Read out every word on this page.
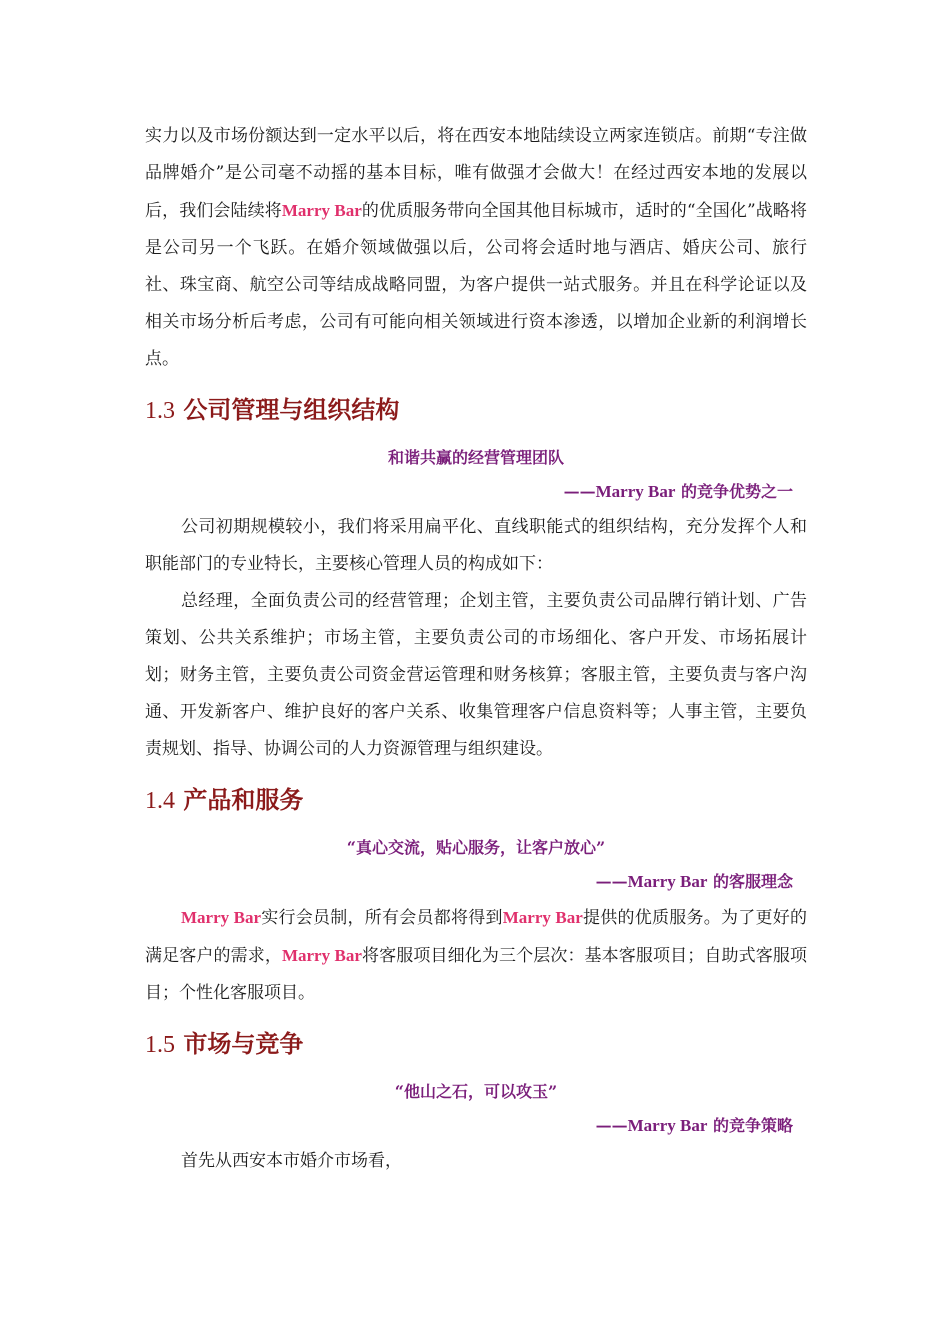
实力以及市场份额达到一定水平以后，将在西安本地陆续设立两家连锁店。前期“专注做品牌婚介”是公司毫不动摇的基本目标，唯有做强才会做大！在经过西安本地的发展以后，我们会陆续将Marry Bar的优质服务带向全国其他目标城市，适时的“全国化”战略将是公司另一个飞跃。在婚介领域做强以后，公司将会适时地与酒店、婚庆公司、旅行社、珠宝商、航空公司等结成战略同盟，为客户提供一站式服务。并且在科学论证以及相关市场分析后考虑，公司有可能向相关领域进行资本渗透，以增加企业新的利润增长点。

1.3 公司管理与组织结构

和谐共赢的经营管理团队

——Marry Bar 的竞争优势之一

公司初期规模较小，我们将采用扁平化、直线职能式的组织结构，充分发挥个人和职能部门的专业特长，主要核心管理人员的构成如下：

总经理，全面负责公司的经营管理；企划主管，主要负责公司品牌行销计划、广告策划、公共关系维护；市场主管，主要负责公司的市场细化、客户开发、市场拓展计划；财务主管，主要负责公司资金营运管理和财务核算；客服主管，主要负责与客户沟通、开发新客户、维护良好的客户关系、收集管理客户信息资料等；人事主管，主要负责规划、指导、协调公司的人力资源管理与组织建设。

1.4 产品和服务

“真心交流，贴心服务，让客户放心”

——Marry Bar 的客服理念

Marry Bar实行会员制，所有会员都将得到Marry Bar提供的优质服务。为了更好的满足客户的需求，Marry Bar将客服项目细化为三个层次：基本客服项目；自助式客服项目；个性化客服项目。

1.5 市场与竞争

“他山之石，可以攻玉”

——Marry Bar 的竞争策略

首先从西安本市婚介市场看，
